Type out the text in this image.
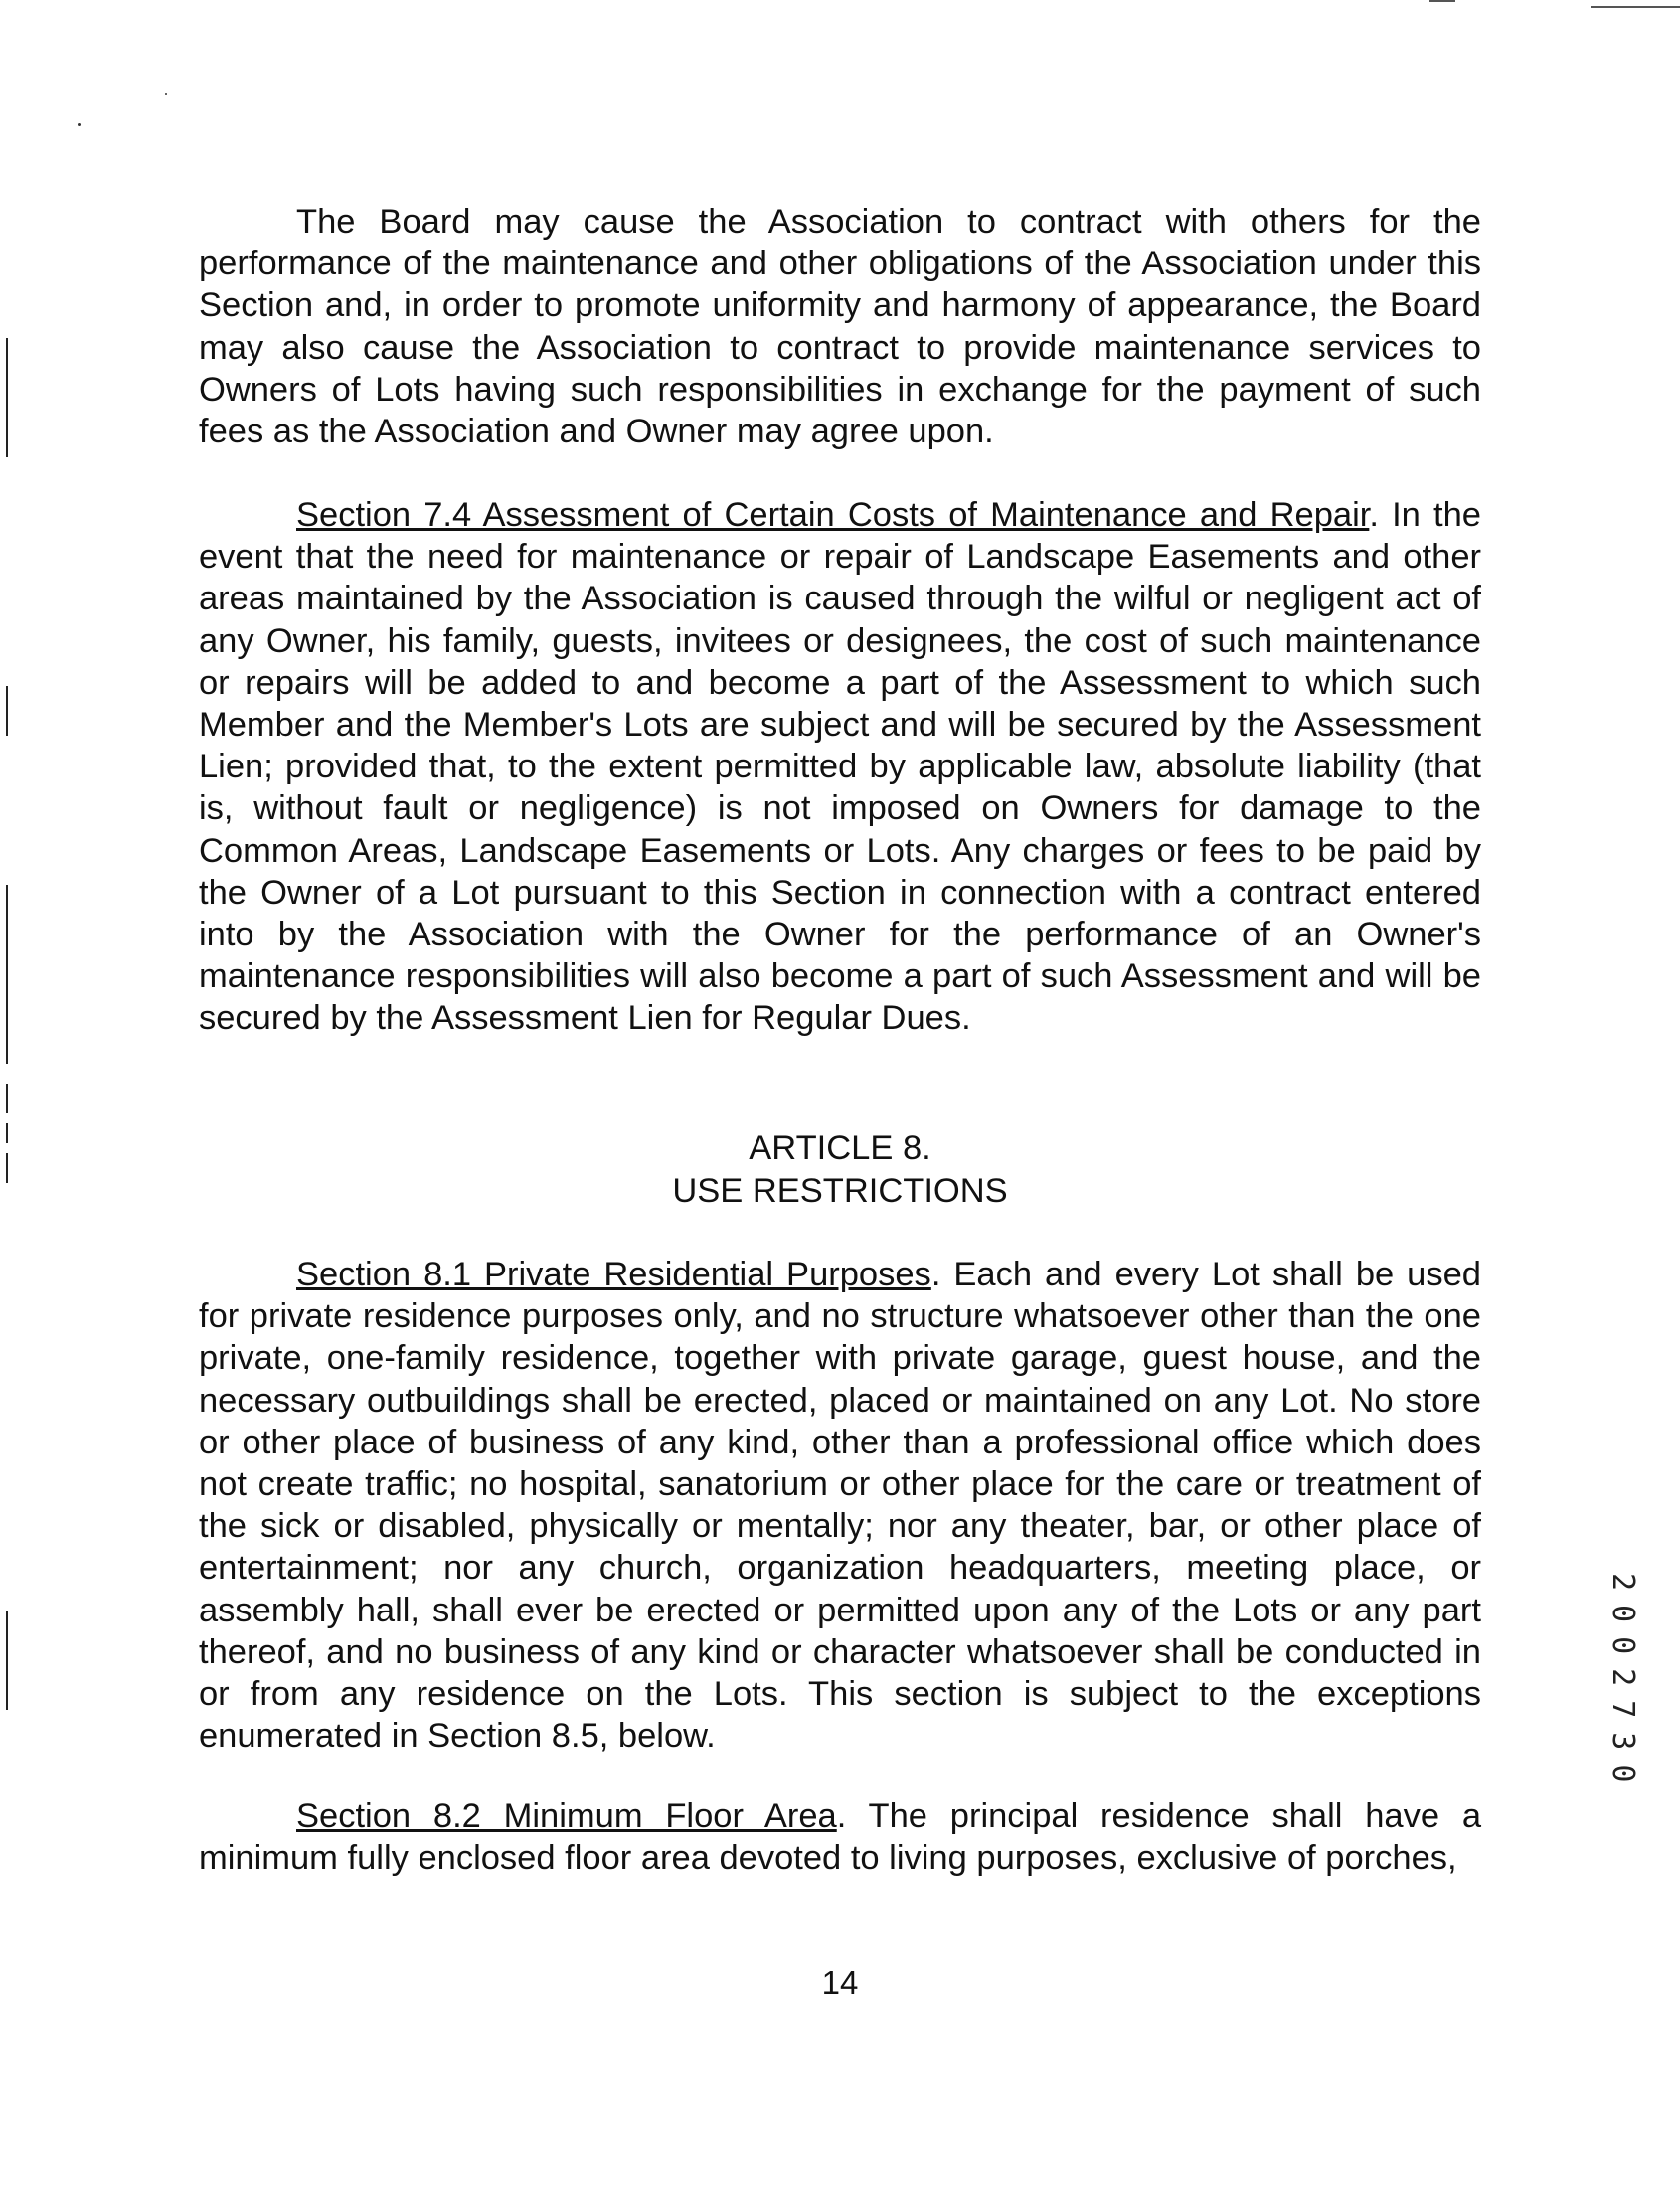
The Board may cause the Association to contract with others for the performance of the maintenance and other obligations of the Association under this Section and, in order to promote uniformity and harmony of appearance, the Board may also cause the Association to contract to provide maintenance services to Owners of Lots having such responsibilities in exchange for the payment of such fees as the Association and Owner may agree upon.

Section 7.4 Assessment of Certain Costs of Maintenance and Repair. In the event that the need for maintenance or repair of Landscape Easements and other areas maintained by the Association is caused through the wilful or negligent act of any Owner, his family, guests, invitees or designees, the cost of such maintenance or repairs will be added to and become a part of the Assessment to which such Member and the Member's Lots are subject and will be secured by the Assessment Lien; provided that, to the extent permitted by applicable law, absolute liability (that is, without fault or negligence) is not imposed on Owners for damage to the Common Areas, Landscape Easements or Lots. Any charges or fees to be paid by the Owner of a Lot pursuant to this Section in connection with a contract entered into by the Association with the Owner for the performance of an Owner's maintenance responsibilities will also become a part of such Assessment and will be secured by the Assessment Lien for Regular Dues.

ARTICLE 8.
USE RESTRICTIONS

Section 8.1 Private Residential Purposes. Each and every Lot shall be used for private residence purposes only, and no structure whatsoever other than the one private, one-family residence, together with private garage, guest house, and the necessary outbuildings shall be erected, placed or maintained on any Lot. No store or other place of business of any kind, other than a professional office which does not create traffic; no hospital, sanatorium or other place for the care or treatment of the sick or disabled, physically or mentally; nor any theater, bar, or other place of entertainment; nor any church, organization headquarters, meeting place, or assembly hall, shall ever be erected or permitted upon any of the Lots or any part thereof, and no business of any kind or character whatsoever shall be conducted in or from any residence on the Lots. This section is subject to the exceptions enumerated in Section 8.5, below.

Section 8.2 Minimum Floor Area. The principal residence shall have a minimum fully enclosed floor area devoted to living purposes, exclusive of porches,

14
2002730
